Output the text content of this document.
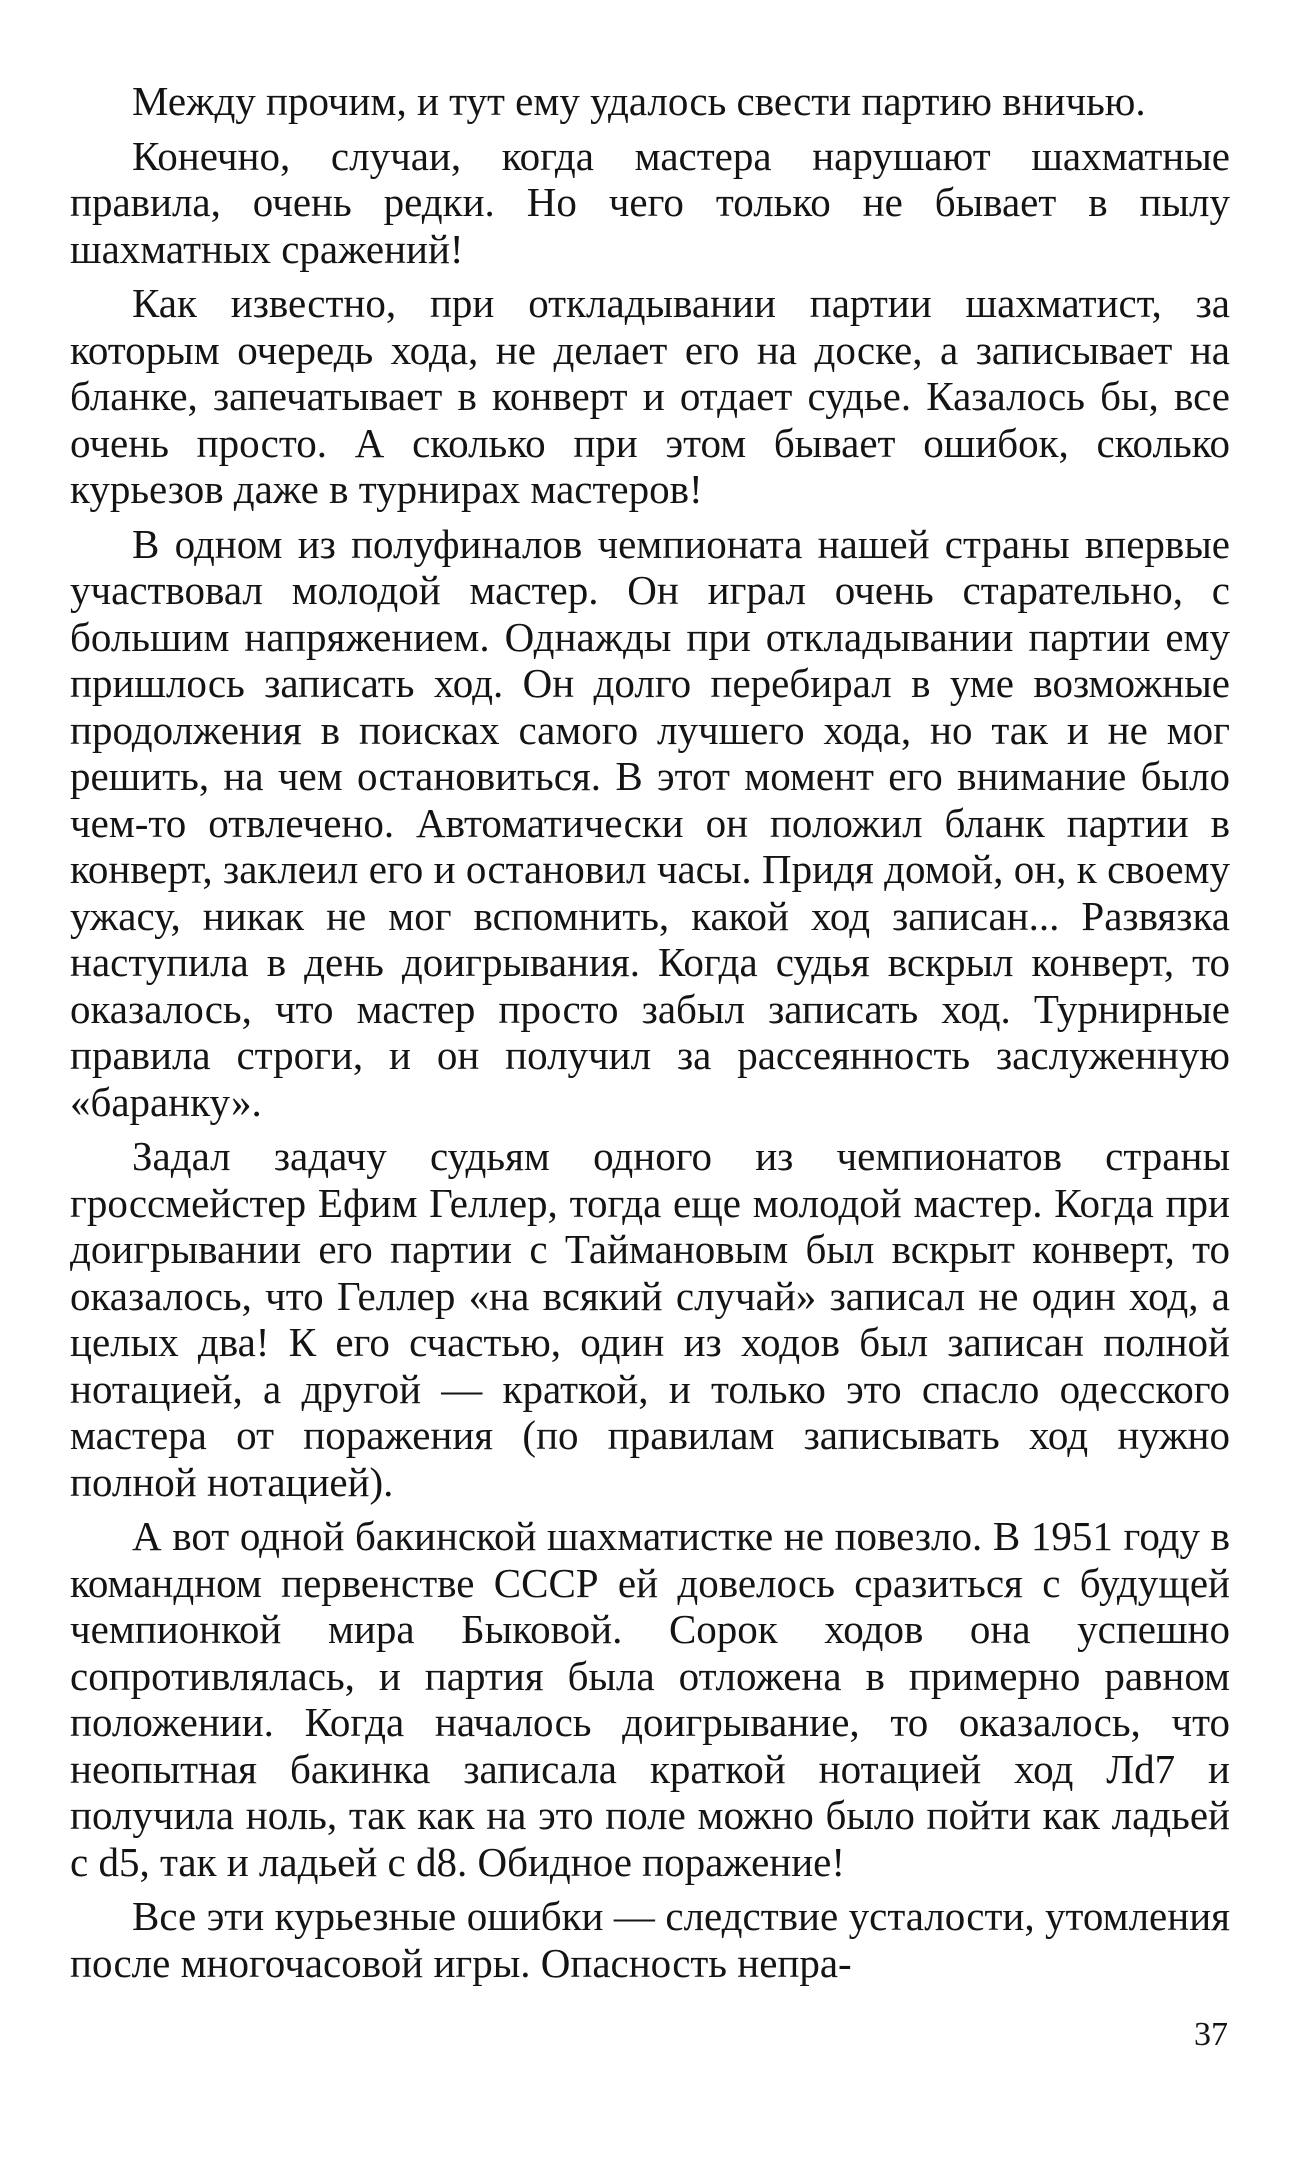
Между прочим, и тут ему удалось свести партию вничью.

Конечно, случаи, когда мастера нарушают шахматные правила, очень редки. Но чего только не бывает в пылу шахматных сражений!

Как известно, при откладывании партии шахматист, за которым очередь хода, не делает его на доске, а записывает на бланке, запечатывает в конверт и отдает судье. Казалось бы, все очень просто. А сколько при этом бывает ошибок, сколько курьезов даже в турнирах мастеров!

В одном из полуфиналов чемпионата нашей страны впервые участвовал молодой мастер. Он играл очень старательно, с большим напряжением. Однажды при откладывании партии ему пришлось записать ход. Он долго перебирал в уме возможные продолжения в поисках самого лучшего хода, но так и не мог решить, на чем остановиться. В этот момент его внимание было чем-то отвлечено. Автоматически он положил бланк партии в конверт, заклеил его и остановил часы. Придя домой, он, к своему ужасу, никак не мог вспомнить, какой ход записан... Развязка наступила в день доигрывания. Когда судья вскрыл конверт, то оказалось, что мастер просто забыл записать ход. Турнирные правила строги, и он получил за рассеянность заслуженную «баранку».

Задал задачу судьям одного из чемпионатов страны гроссмейстер Ефим Геллер, тогда еще молодой мастер. Когда при доигрывании его партии с Таймановым был вскрыт конверт, то оказалось, что Геллер «на всякий случай» записал не один ход, а целых два! К его счастью, один из ходов был записан полной нотацией, а другой — краткой, и только это спасло одесского мастера от поражения (по правилам записывать ход нужно полной нотацией).

А вот одной бакинской шахматистке не повезло. В 1951 году в командном первенстве СССР ей довелось сразиться с будущей чемпионкой мира Быковой. Сорок ходов она успешно сопротивлялась, и партия была отложена в примерно равном положении. Когда началось доигрывание, то оказалось, что неопытная бакинка записала краткой нотацией ход Лd7 и получила ноль, так как на это поле можно было пойти как ладьей с d5, так и ладьей с d8. Обидное поражение!

Все эти курьезные ошибки — следствие усталости, утомления после многочасовой игры. Опасность непра-

37
